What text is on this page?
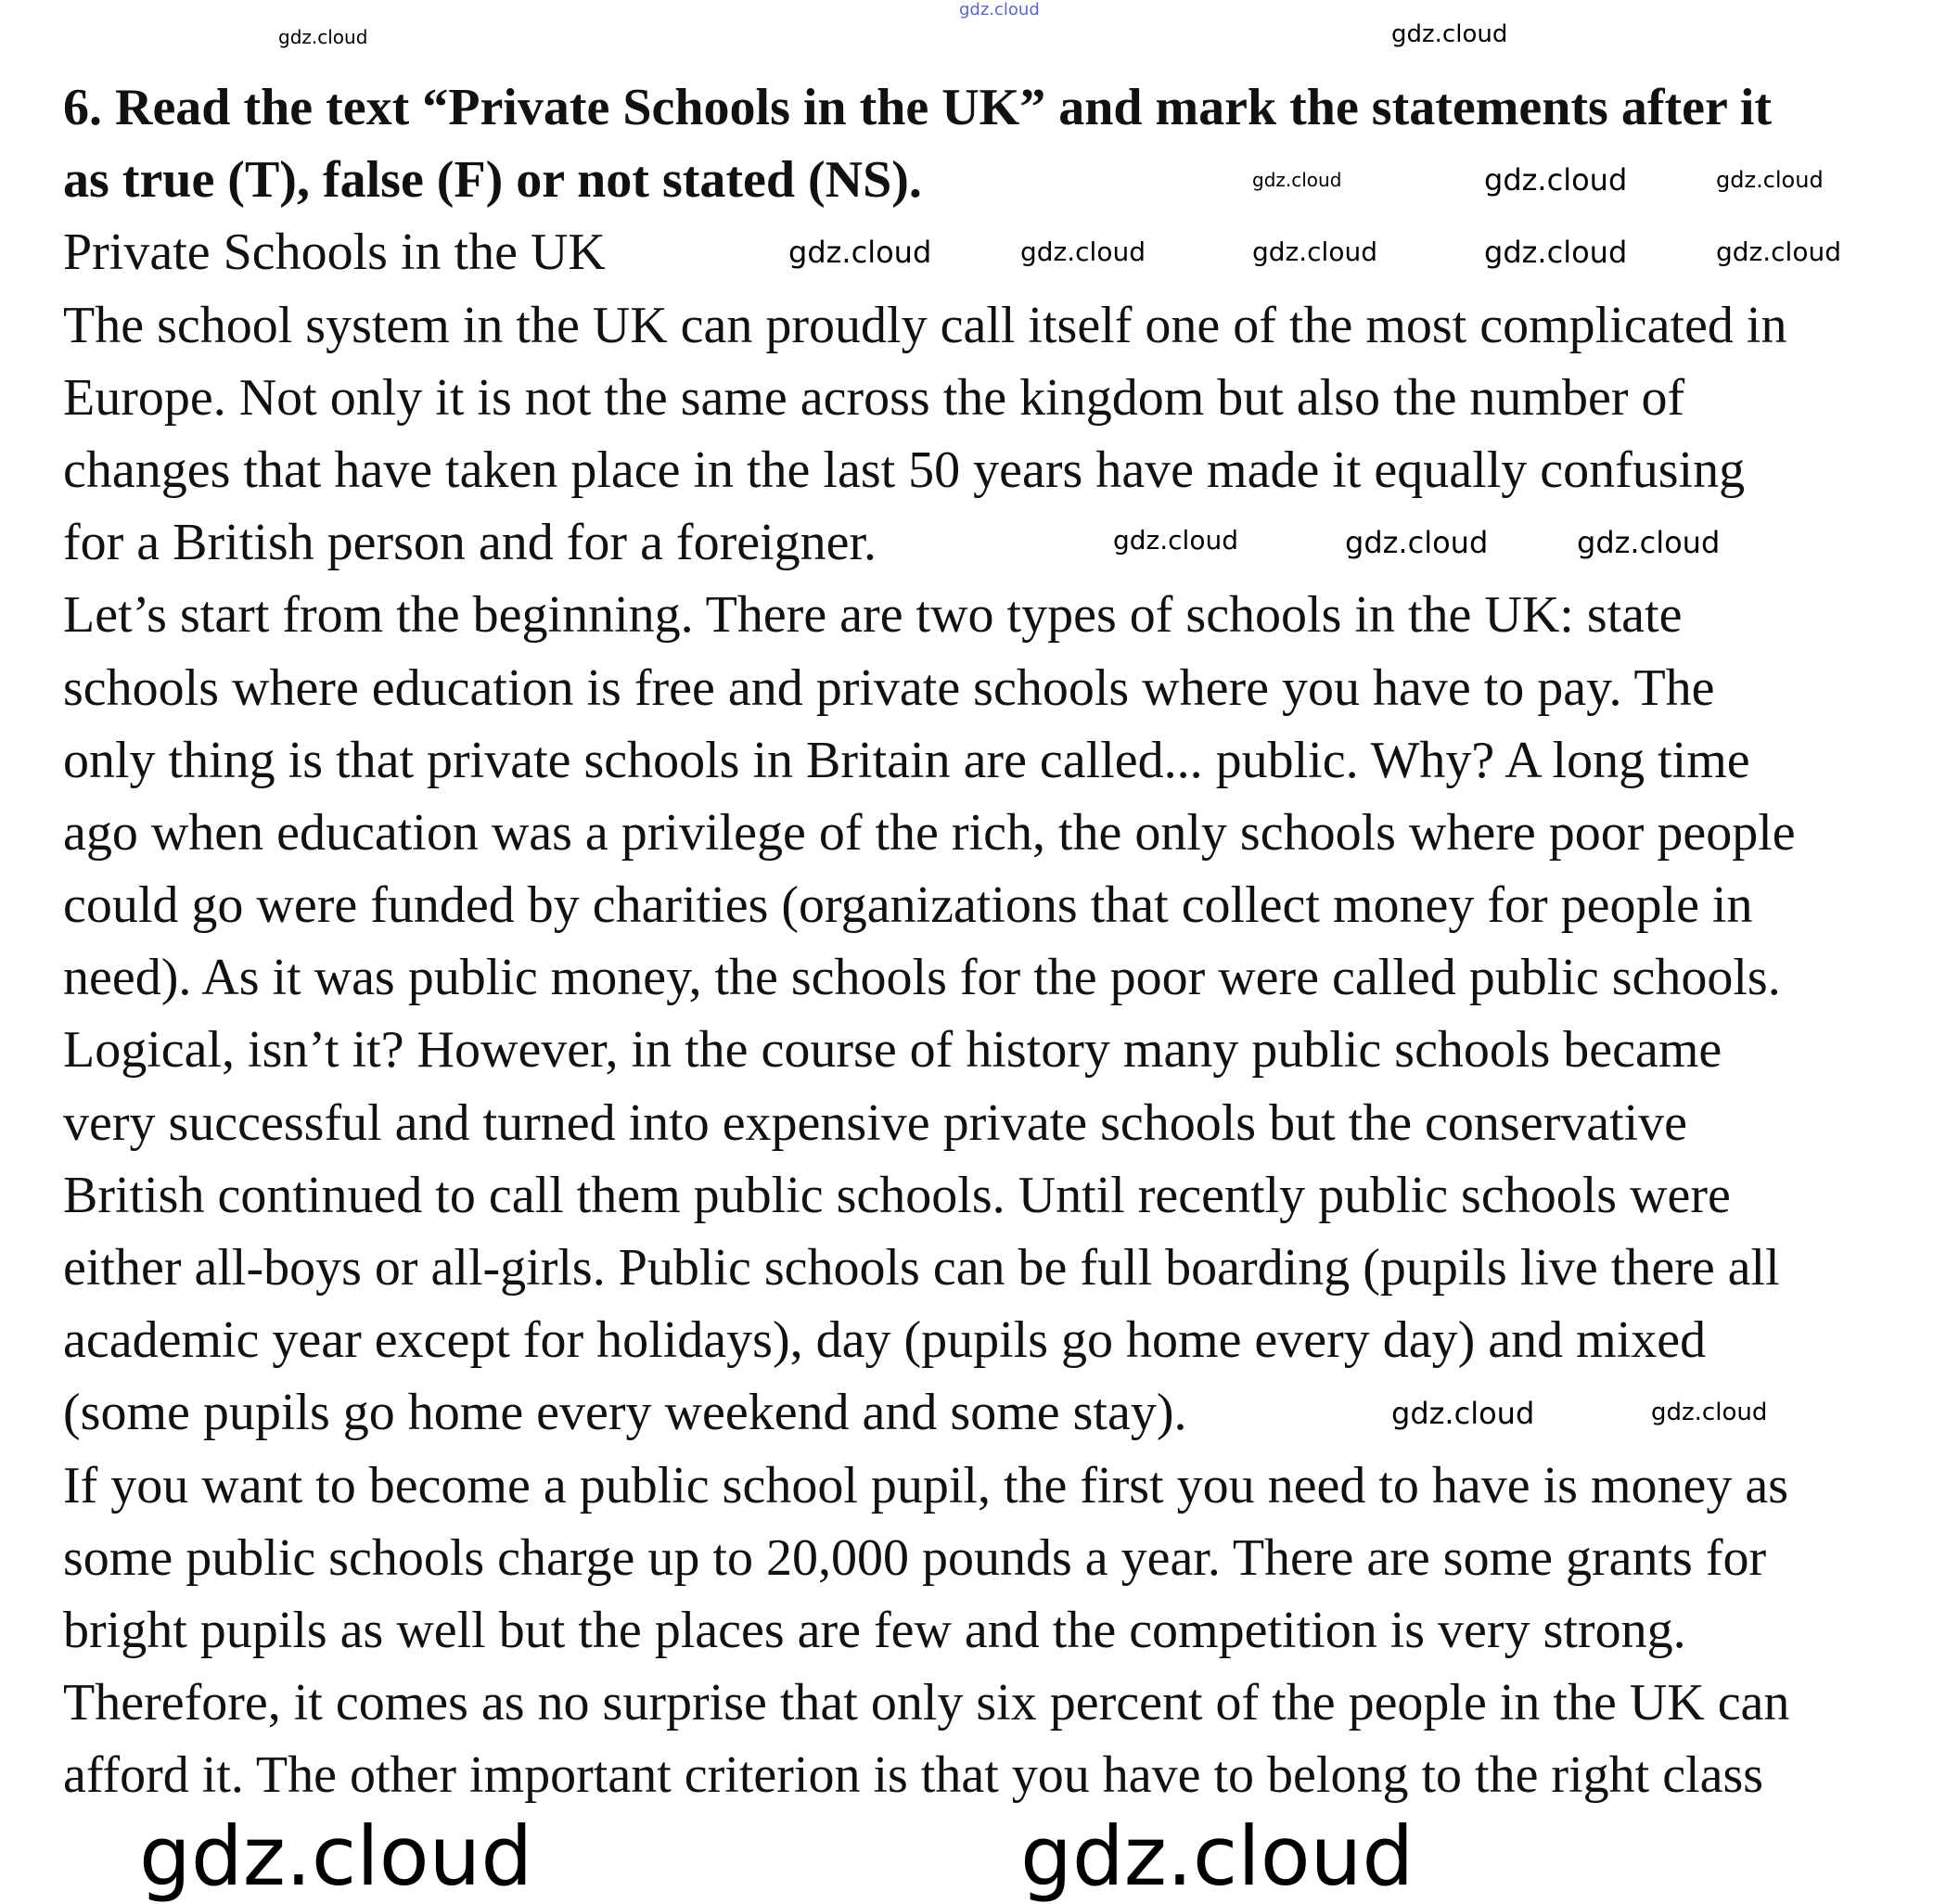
6. Read the text “Private Schools in the UK” and mark the statements after it
as true (T), false (F) or not stated (NS).
Private Schools in the UK
The school system in the UK can proudly call itself one of the most complicated in
Europe. Not only it is not the same across the kingdom but also the number of
changes that have taken place in the last 50 years have made it equally confusing
for a British person and for a foreigner.
Let’s start from the beginning. There are two types of schools in the UK: state
schools where education is free and private schools where you have to pay. The
only thing is that private schools in Britain are called... public. Why? A long time
ago when education was a privilege of the rich, the only schools where poor people
could go were funded by charities (organizations that collect money for people in
need). As it was public money, the schools for the poor were called public schools.
Logical, isn’t it? However, in the course of history many public schools became
very successful and turned into expensive private schools but the conservative
British continued to call them public schools. Until recently public schools were
either all-boys or all-girls. Public schools can be full boarding (pupils live there all
academic year except for holidays), day (pupils go home every day) and mixed
(some pupils go home every weekend and some stay).
If you want to become a public school pupil, the first you need to have is money as
some public schools charge up to 20,000 pounds a year. There are some grants for
bright pupils as well but the places are few and the competition is very strong.
Therefore, it comes as no surprise that only six percent of the people in the UK can
afford it. The other important criterion is that you have to belong to the right class
gdz.cloud
gdz.cloud	gdz.cloud
gdz.cloud	gdz.cloud	gdz.cloud
gdz.cloud	gdz.cloud	gdz.cloud	gdz.cloud	gdz.cloud
gdz.cloud	gdz.cloud	gdz.cloud
gdz.cloud	gdz.cloud
gdz.cloud	gdz.cloud
